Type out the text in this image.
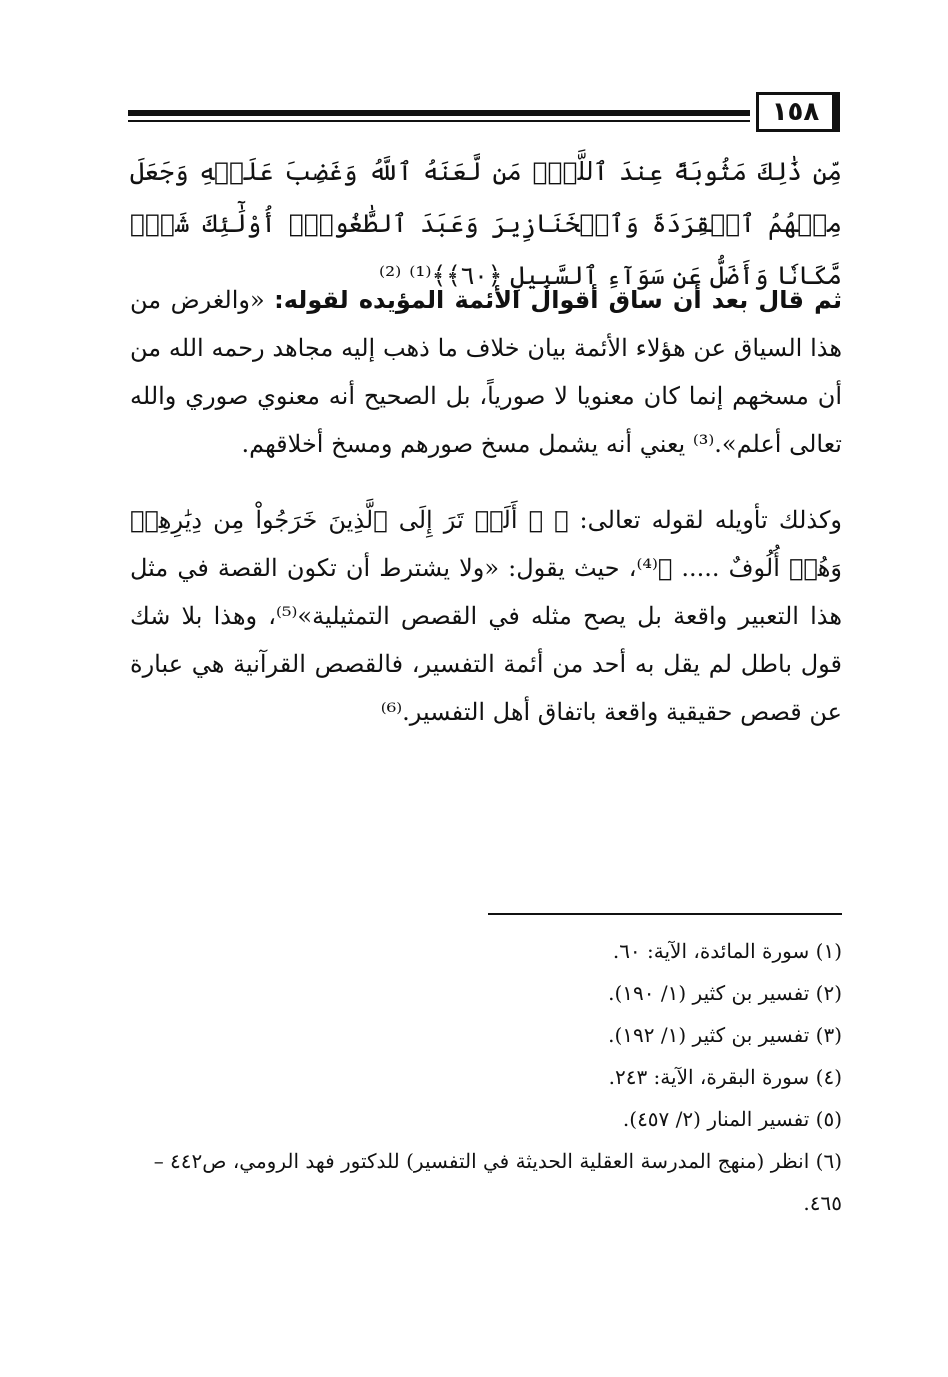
١٥٨
مِّن ذَٰلِكَ مَثُوبَةً عِندَ ٱللَّهِۚ مَن لَّعَنَهُ ٱللَّهُ وَغَضِبَ عَلَيۡهِ وَجَعَلَ مِنۡهُمُ ٱلۡقِرَدَةَ وَٱلۡخَنَازِيرَ وَعَبَدَ ٱلطَّٰغُوتَۚ أُوْلَٰٓئِكَ شَرّٞ مَّكَانٗا وَأَضَلُّ عَن سَوَآءِ ٱلسَّبِيلِ ﴿٦٠﴾﴾⁽¹⁾ ⁽²⁾
ثم قال بعد أن ساق أقوال الأئمة المؤيده لقوله: «والغرض من هذا السياق عن هؤلاء الأئمة بيان خلاف ما ذهب إليه مجاهد رحمه الله من أن مسخهم إنما كان معنويا لا صورياً، بل الصحيح أنه معنوي صوري والله تعالى أعلم».⁽³⁾ يعني أنه يشمل مسخ صورهم ومسخ أخلاقهم.
وكذلك تأويله لقوله تعالى: ﴿ ۞ أَلَمۡ تَرَ إِلَى ٱلَّذِينَ خَرَجُواْ مِن دِيَٰرِهِمۡ وَهُمۡ أُلُوفٌ ..... ﴾⁽⁴⁾، حيث يقول: «ولا يشترط أن تكون القصة في مثل هذا التعبير واقعة بل يصح مثله في القصص التمثيلية»⁽⁵⁾، وهذا بلا شك قول باطل لم يقل به أحد من أئمة التفسير، فالقصص القرآنية هي عبارة عن قصص حقيقية واقعة باتفاق أهل التفسير.⁽⁶⁾
(١) سورة المائدة، الآية: ٦٠.
(٢) تفسير بن كثير (١/ ١٩٠).
(٣) تفسير بن كثير (١/ ١٩٢).
(٤) سورة البقرة، الآية: ٢٤٣.
(٥) تفسير المنار (٢/ ٤٥٧).
(٦) انظر (منهج المدرسة العقلية الحديثة في التفسير) للدكتور فهد الرومي، ص٤٤٢ – ٤٦٥.
